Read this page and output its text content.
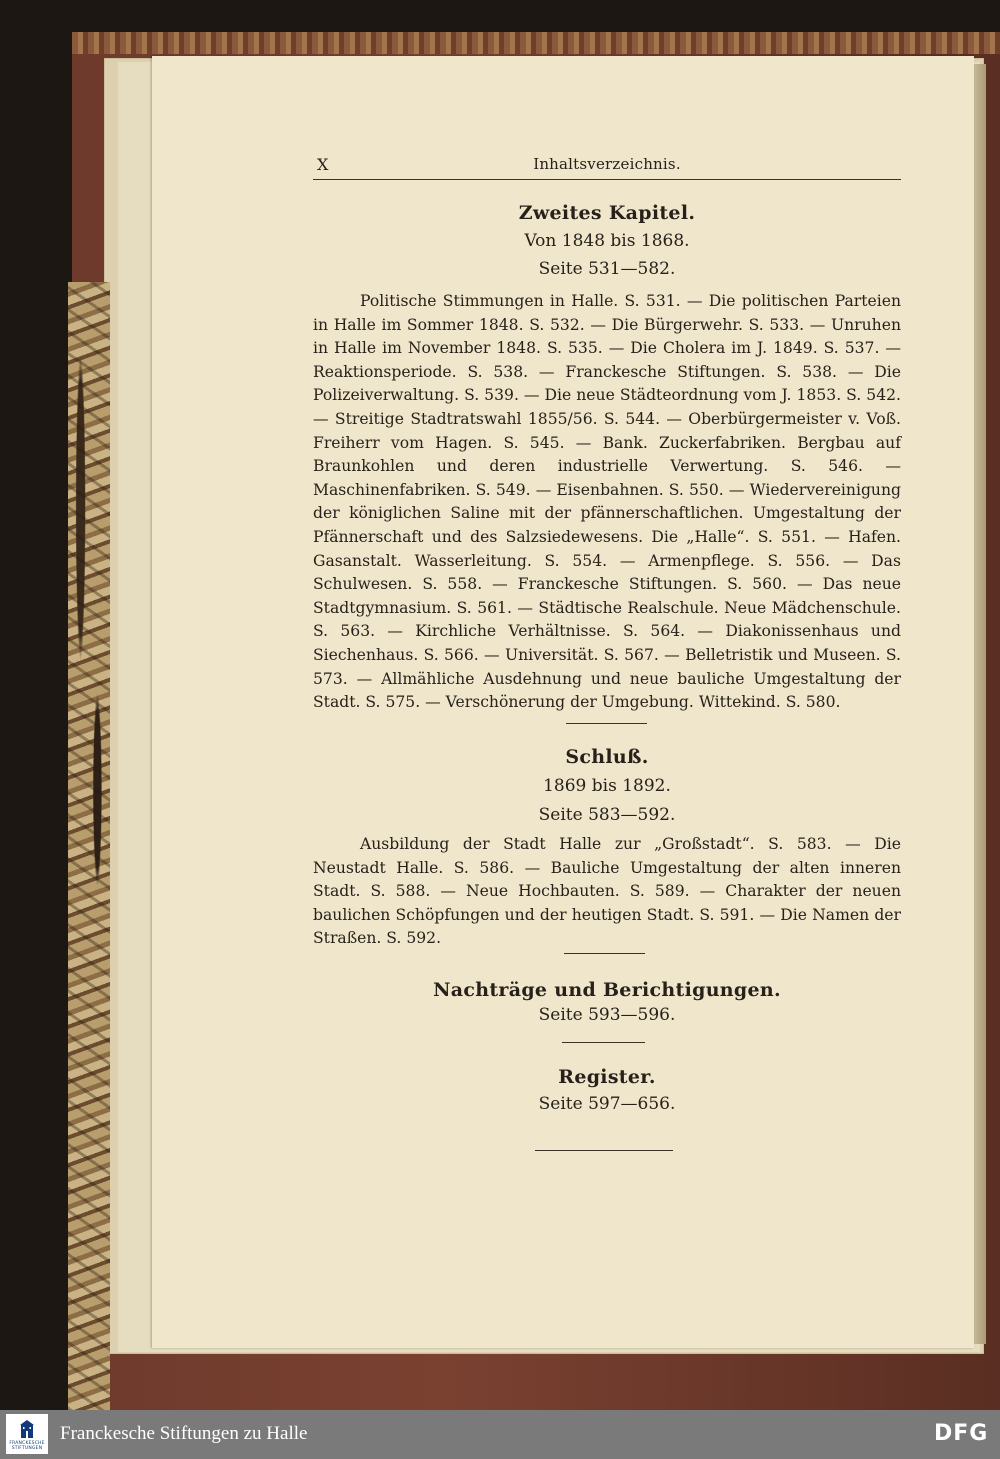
X	Inhaltsverzeichnis.
Zweites Kapitel.
Von 1848 bis 1868.
Seite 531—582.
Politische Stimmungen in Halle. S. 531. — Die politischen Parteien in Halle im Sommer 1848. S. 532. — Die Bürgerwehr. S. 533. — Unruhen in Halle im November 1848. S. 535. — Die Cholera im J. 1849. S. 537. — Reaktionsperiode. S. 538. — Franckesche Stiftungen. S. 538. — Die Polizeiverwaltung. S. 539. — Die neue Städteordnung vom J. 1853. S. 542. — Streitige Stadtratswahl 1855/56. S. 544. — Oberbürgermeister v. Voß. Freiherr vom Hagen. S. 545. — Bank. Zuckerfabriken. Bergbau auf Braunkohlen und deren industrielle Verwertung. S. 546. — Maschinenfabriken. S. 549. — Eisenbahnen. S. 550. — Wiedervereinigung der königlichen Saline mit der pfännerschaftlichen. Umgestaltung der Pfännerschaft und des Salzsiedewesens. Die „Halle“. S. 551. — Hafen. Gasanstalt. Wasserleitung. S. 554. — Armenpflege. S. 556. — Das Schulwesen. S. 558. — Franckesche Stiftungen. S. 560. — Das neue Stadtgymnasium. S. 561. — Städtische Realschule. Neue Mädchenschule. S. 563. — Kirchliche Verhältnisse. S. 564. — Diakonissenhaus und Siechenhaus. S. 566. — Universität. S. 567. — Belletristik und Museen. S. 573. — Allmähliche Ausdehnung und neue bauliche Umgestaltung der Stadt. S. 575. — Verschönerung der Umgebung. Wittekind. S. 580.
Schluß.
1869 bis 1892.
Seite 583—592.
Ausbildung der Stadt Halle zur „Großstadt“. S. 583. — Die Neustadt Halle. S. 586. — Bauliche Umgestaltung der alten inneren Stadt. S. 588. — Neue Hochbauten. S. 589. — Charakter der neuen baulichen Schöpfungen und der heutigen Stadt. S. 591. — Die Namen der Straßen. S. 592.
Nachträge und Berichtigungen.
Seite 593—596.
Register.
Seite 597—656.
FRANCKESCHE
STIFTUNGEN
Franckesche Stiftungen zu Halle	DFG
